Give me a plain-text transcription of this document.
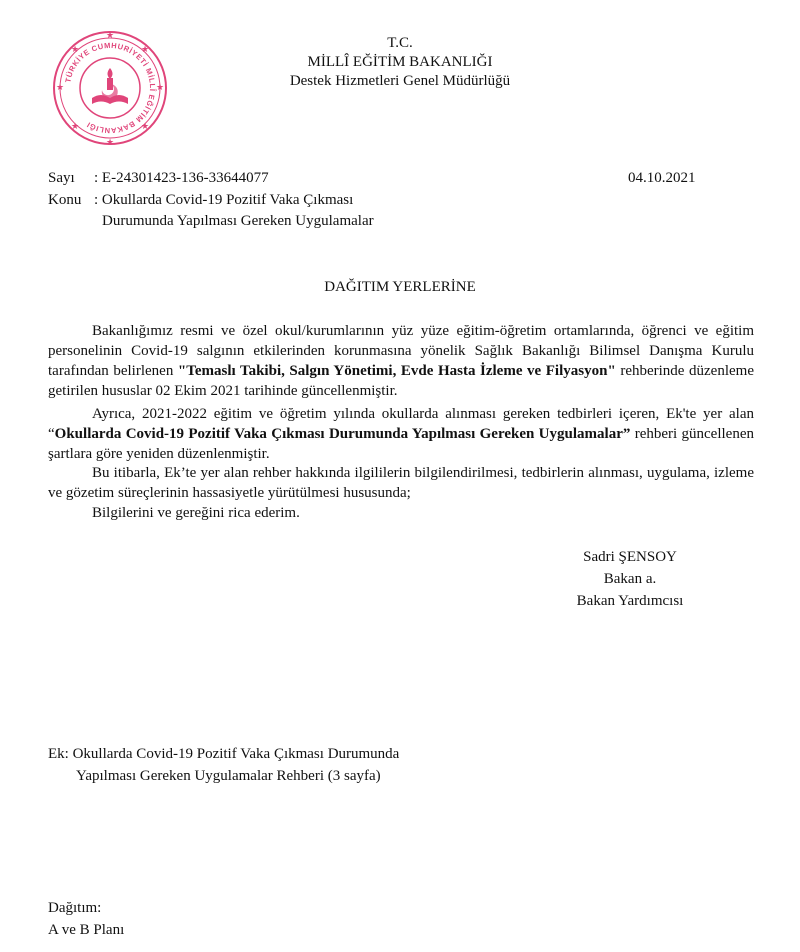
TÜRKİYE CUMHURİYETİ MİLLÎ EĞİTİM BAKANLIĞI
★
★
★
★
★
★
★
★	T.C.
MİLLÎ EĞİTİM BAKANLIĞI
Destek Hizmetleri Genel Müdürlüğü
Sayı : E-24301423-136-33644077	04.10.2021
Konu : Okullarda Covid-19 Pozitif Vaka Çıkması
Durumunda Yapılması Gereken Uygulamalar
DAĞITIM YERLERİNE
Bakanlığımız resmi ve özel okul/kurumlarının yüz yüze eğitim-öğretim ortamlarında, öğrenci ve eğitim personelinin Covid-19 salgının etkilerinden korunmasına yönelik Sağlık Bakanlığı Bilimsel Danışma Kurulu tarafından belirlenen "Temaslı Takibi, Salgın Yönetimi, Evde Hasta İzleme ve Filyasyon" rehberinde düzenleme getirilen hususlar 02 Ekim 2021 tarihinde güncellenmiştir.
Ayrıca, 2021-2022 eğitim ve öğretim yılında okullarda alınması gereken tedbirleri içeren, Ek'te yer alan “Okullarda Covid-19 Pozitif Vaka Çıkması Durumunda Yapılması Gereken Uygulamalar” rehberi güncellenen şartlara göre yeniden düzenlenmiştir.
Bu itibarla, Ek’te yer alan rehber hakkında ilgililerin bilgilendirilmesi, tedbirlerin alınması, uygulama, izleme ve gözetim süreçlerinin hassasiyetle yürütülmesi hususunda;
Bilgilerini ve gereğini rica ederim.
Sadri ŞENSOY
Bakan a.
Bakan Yardımcısı
Ek: Okullarda Covid-19 Pozitif Vaka Çıkması Durumunda
Yapılması Gereken Uygulamalar Rehberi (3 sayfa)
Dağıtım:
A ve B Planı
